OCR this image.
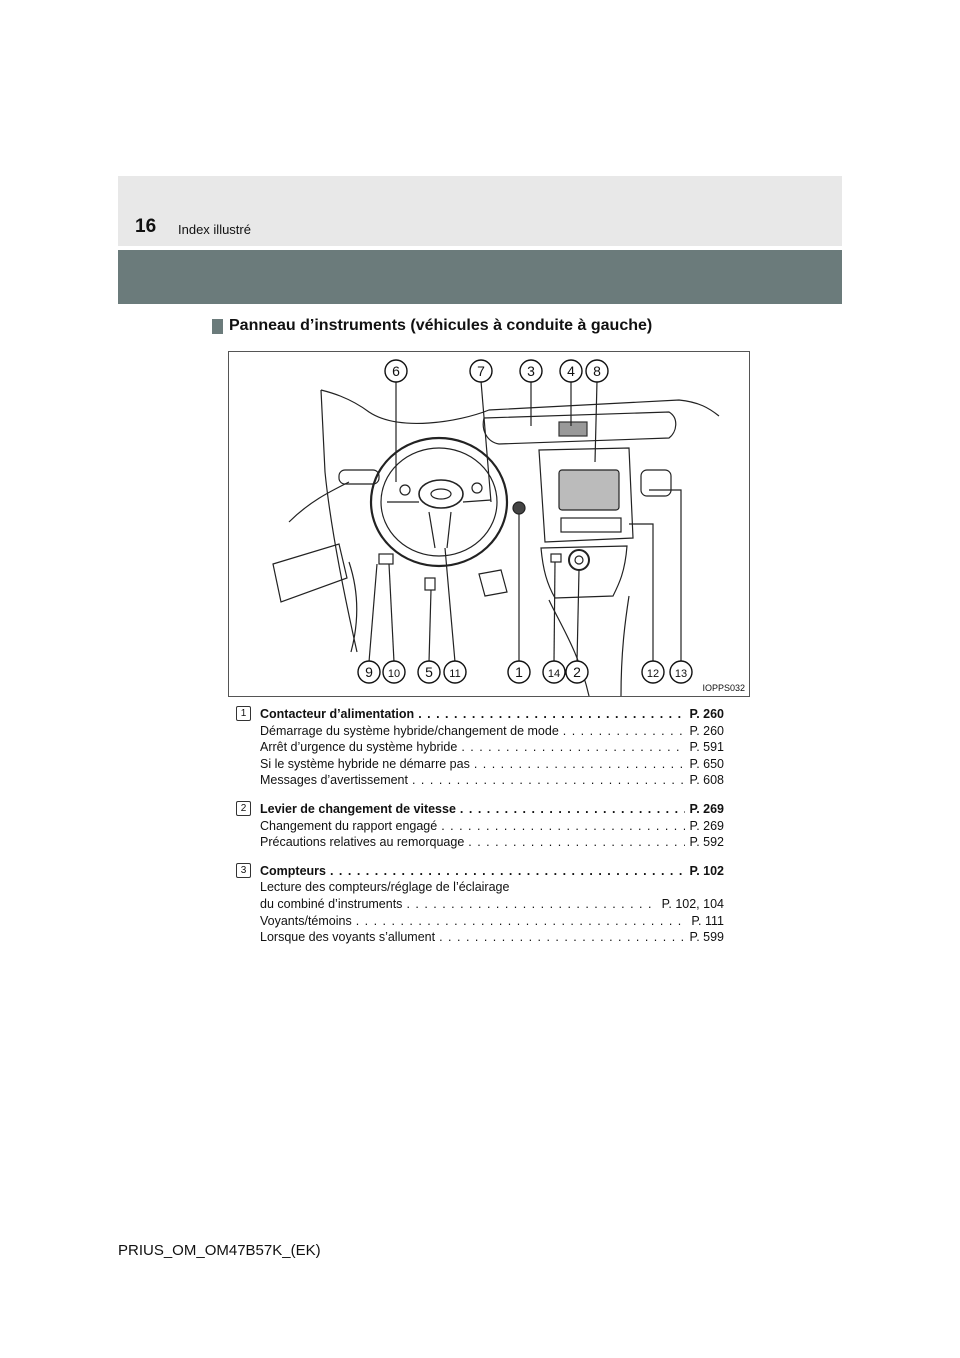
16 Index illustré
Panneau d’instruments (véhicules à conduite à gauche)
6	7	3 4 8
9 10 5 11	1 14 2	12 13
IOPPS032
1	Contacteur d’alimentation . . .	P. 260
Démarrage du système hybride/changement de mode . . .	P. 260
Arrêt d’urgence du système hybride . . .	P. 591
Si le système hybride ne démarre pas . . .	P. 650
Messages d’avertissement . . .	P. 608
2	Levier de changement de vitesse . . .	P. 269
Changement du rapport engagé . . .	P. 269
Précautions relatives au remorquage . . .	P. 592
3	Compteurs . . .	P. 102
Lecture des compteurs/réglage de l’éclairage
du combiné d’instruments . . .	P. 102, 104
Voyants/témoins . . .	P. 111
Lorsque des voyants s’allument . . .	P. 599
PRIUS_OM_OM47B57K_(EK)
